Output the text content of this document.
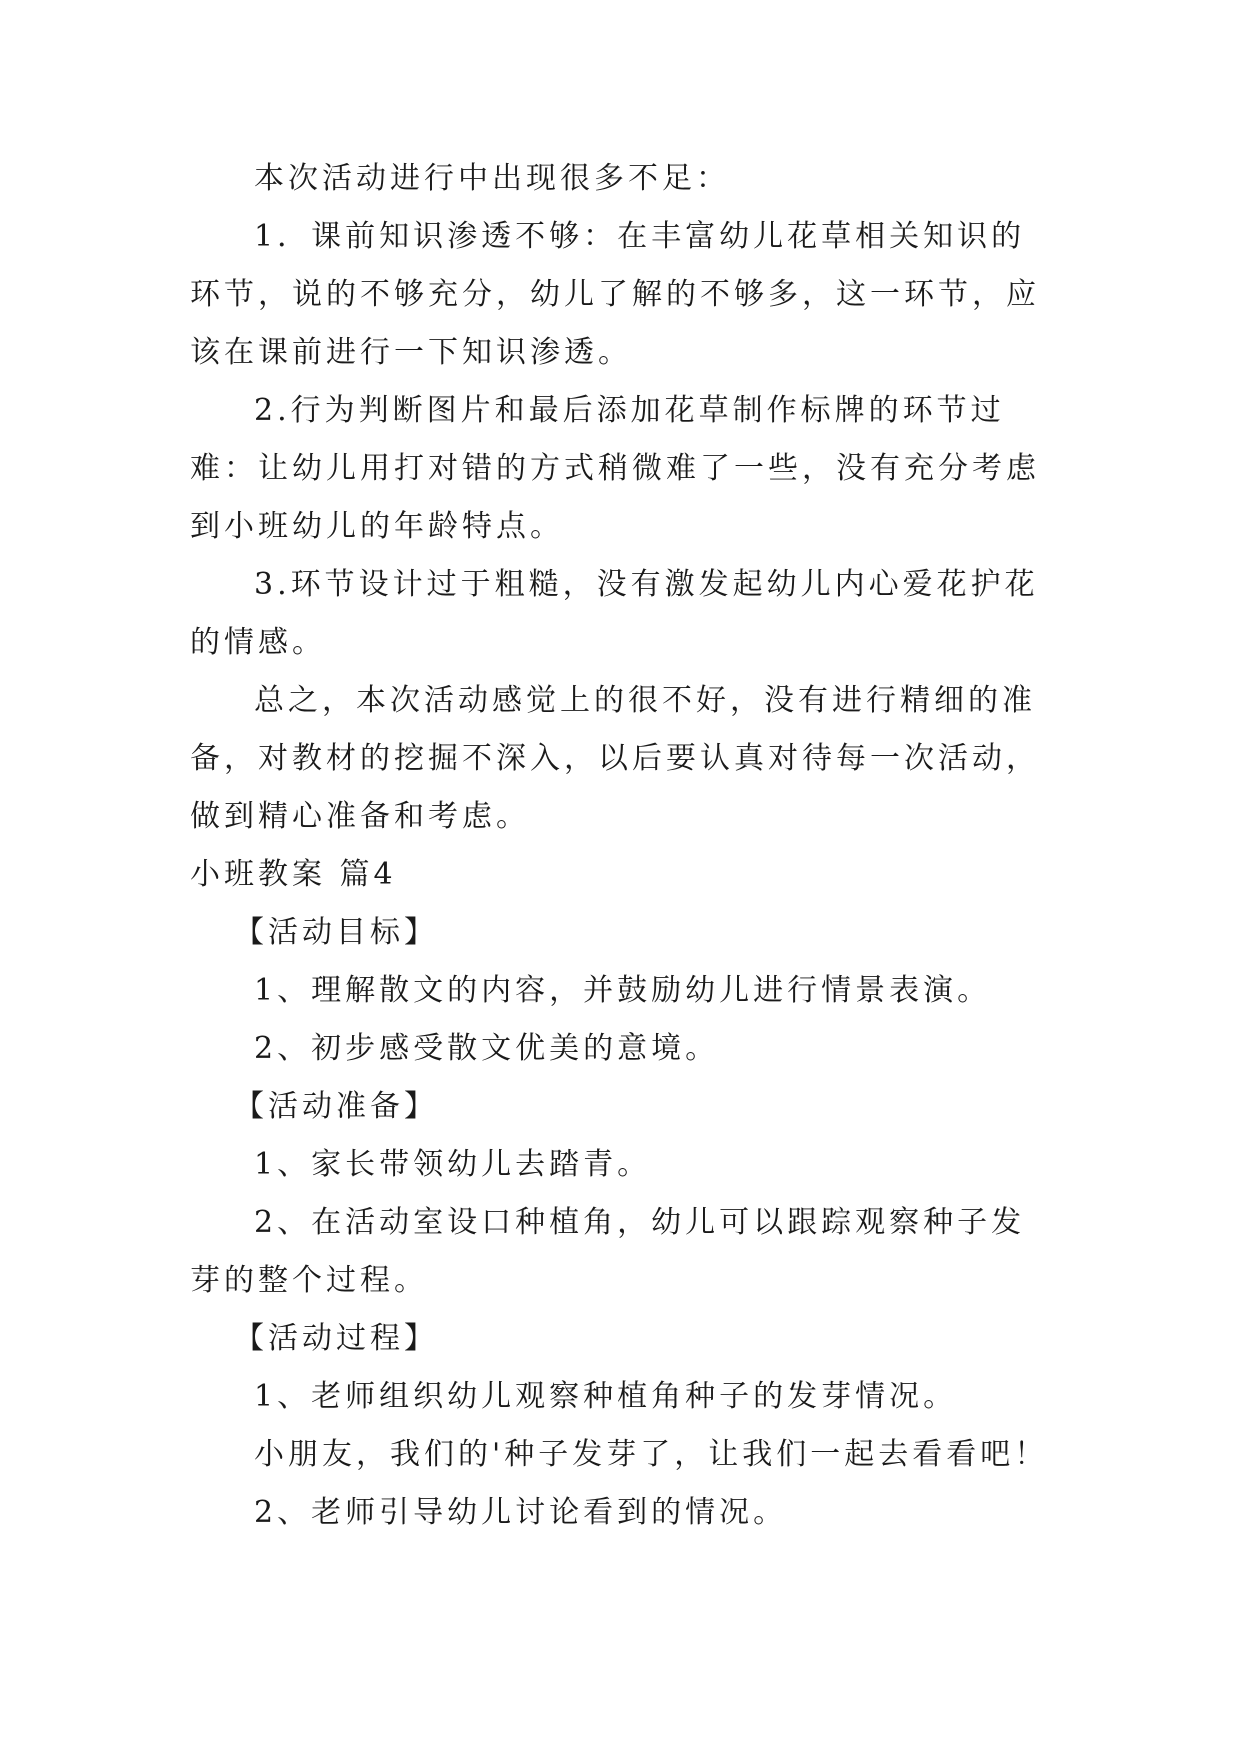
本次活动进行中出现很多不足：

1．课前知识渗透不够：在丰富幼儿花草相关知识的环节，说的不够充分，幼儿了解的不够多，这一环节，应该在课前进行一下知识渗透。

2.行为判断图片和最后添加花草制作标牌的环节过难：让幼儿用打对错的方式稍微难了一些，没有充分考虑到小班幼儿的年龄特点。

3.环节设计过于粗糙，没有激发起幼儿内心爱花护花的情感。

总之，本次活动感觉上的很不好，没有进行精细的准备，对教材的挖掘不深入，以后要认真对待每一次活动，做到精心准备和考虑。

小班教案 篇4

【活动目标】

1、理解散文的内容，并鼓励幼儿进行情景表演。

2、初步感受散文优美的意境。

【活动准备】

1、家长带领幼儿去踏青。

2、在活动室设口种植角，幼儿可以跟踪观察种子发芽的整个过程。

【活动过程】

1、老师组织幼儿观察种植角种子的发芽情况。

小朋友，我们的'种子发芽了，让我们一起去看看吧！

2、老师引导幼儿讨论看到的情况。
